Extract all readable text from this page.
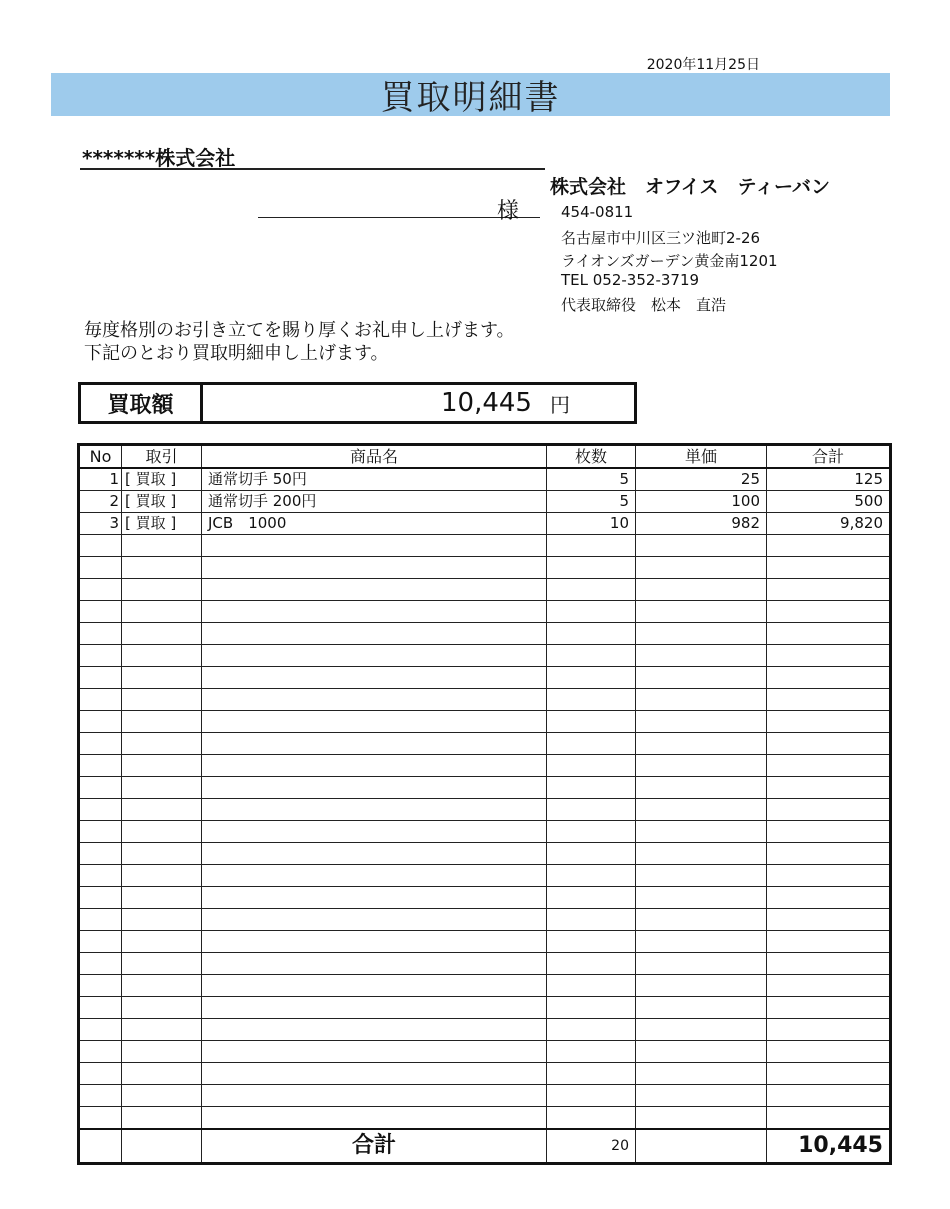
2020年11月25日
買取明細書
*******株式会社
様
株式会社　オフイス　ティーバン
454-0811
名古屋市中川区三ツ池町2-26
ライオンズガーデン黄金南1201
TEL 052-352-3719
代表取締役　松本　直浩
毎度格別のお引き立てを賜り厚くお礼申し上げます。
下記のとおり買取明細申し上げます。
買取額	10,445 円
No	取引	商品名	枚数	単価	合計
1	[ 買取 ]	通常切手 50円	5	25	125
2	[ 買取 ]	通常切手 200円	5	100	500
3	[ 買取 ]	JCB　1000	10	982	9,820

		合計	20		10,445
